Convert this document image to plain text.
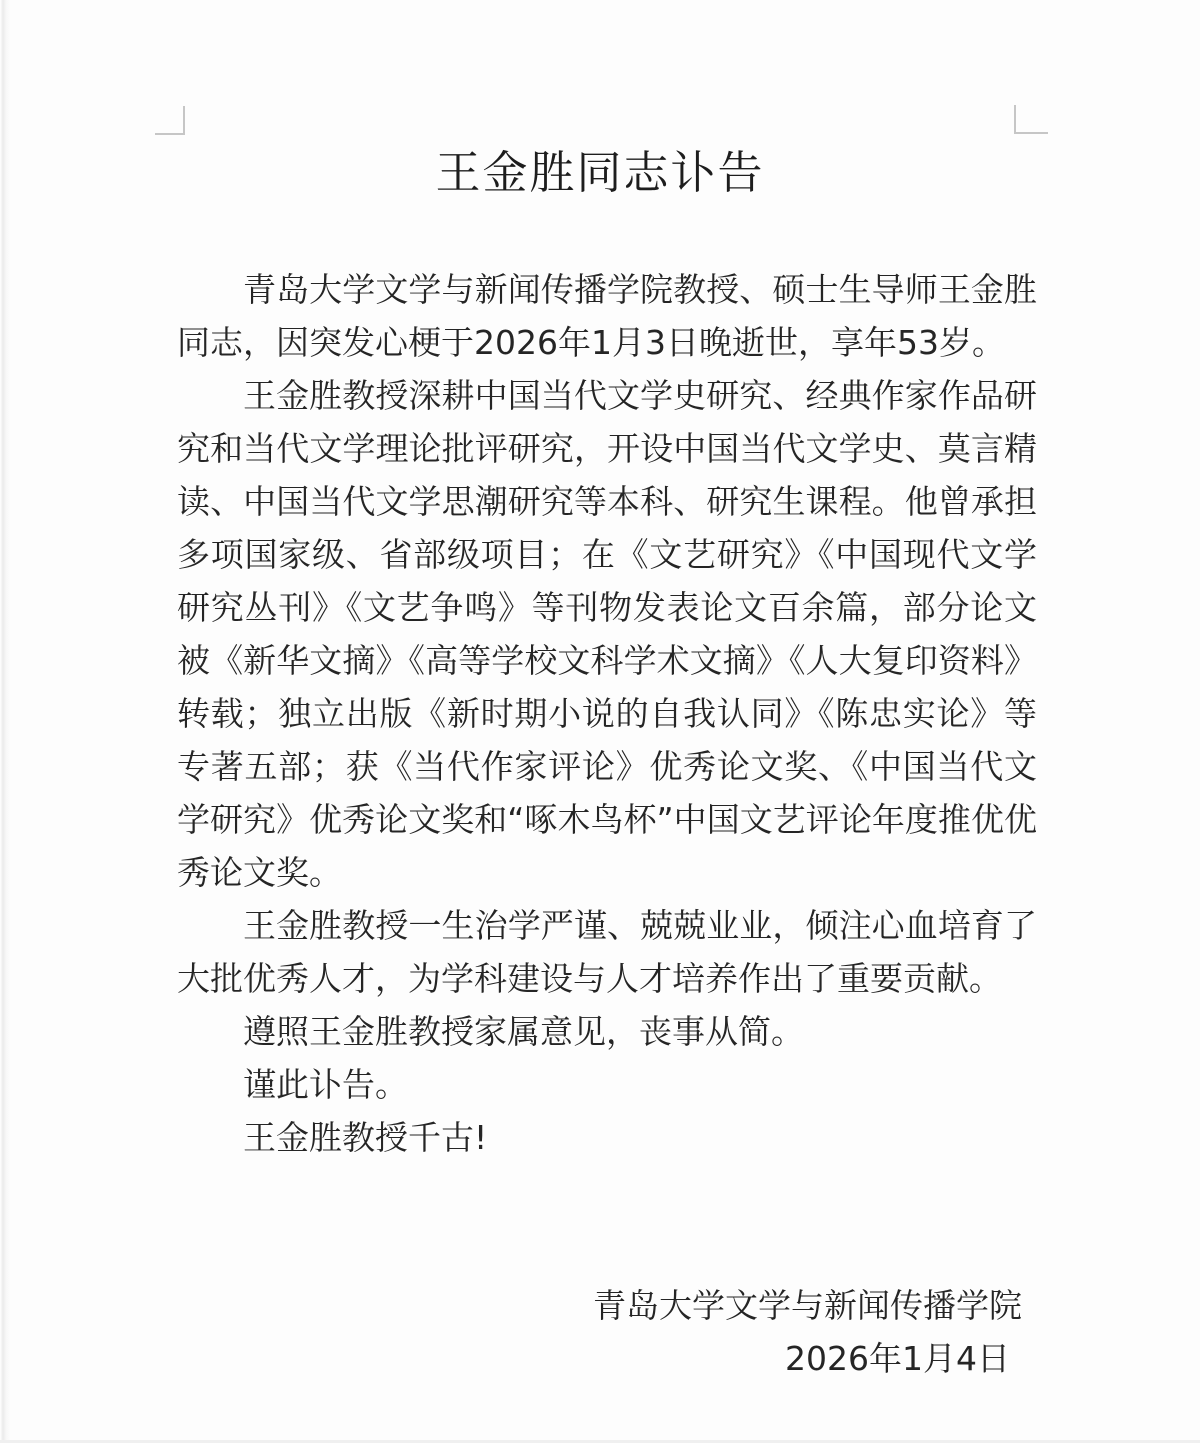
王金胜同志讣告

青岛大学文学与新闻传播学院教授、硕士生导师王金胜同志，因突发心梗于2026年1月3日晚逝世，享年53岁。

王金胜教授深耕中国当代文学史研究、经典作家作品研究和当代文学理论批评研究，开设中国当代文学史、莫言精读、中国当代文学思潮研究等本科、研究生课程。他曾承担多项国家级、省部级项目；在《文艺研究》《中国现代文学研究丛刊》《文艺争鸣》等刊物发表论文百余篇，部分论文被《新华文摘》《高等学校文科学术文摘》《人大复印资料》转载；独立出版《新时期小说的自我认同》《陈忠实论》等专著五部；获《当代作家评论》优秀论文奖、《中国当代文学研究》优秀论文奖和“啄木鸟杯”中国文艺评论年度推优优秀论文奖。

王金胜教授一生治学严谨、兢兢业业，倾注心血培育了大批优秀人才，为学科建设与人才培养作出了重要贡献。

遵照王金胜教授家属意见，丧事从简。

谨此讣告。

王金胜教授千古!

青岛大学文学与新闻传播学院

2026年1月4日
